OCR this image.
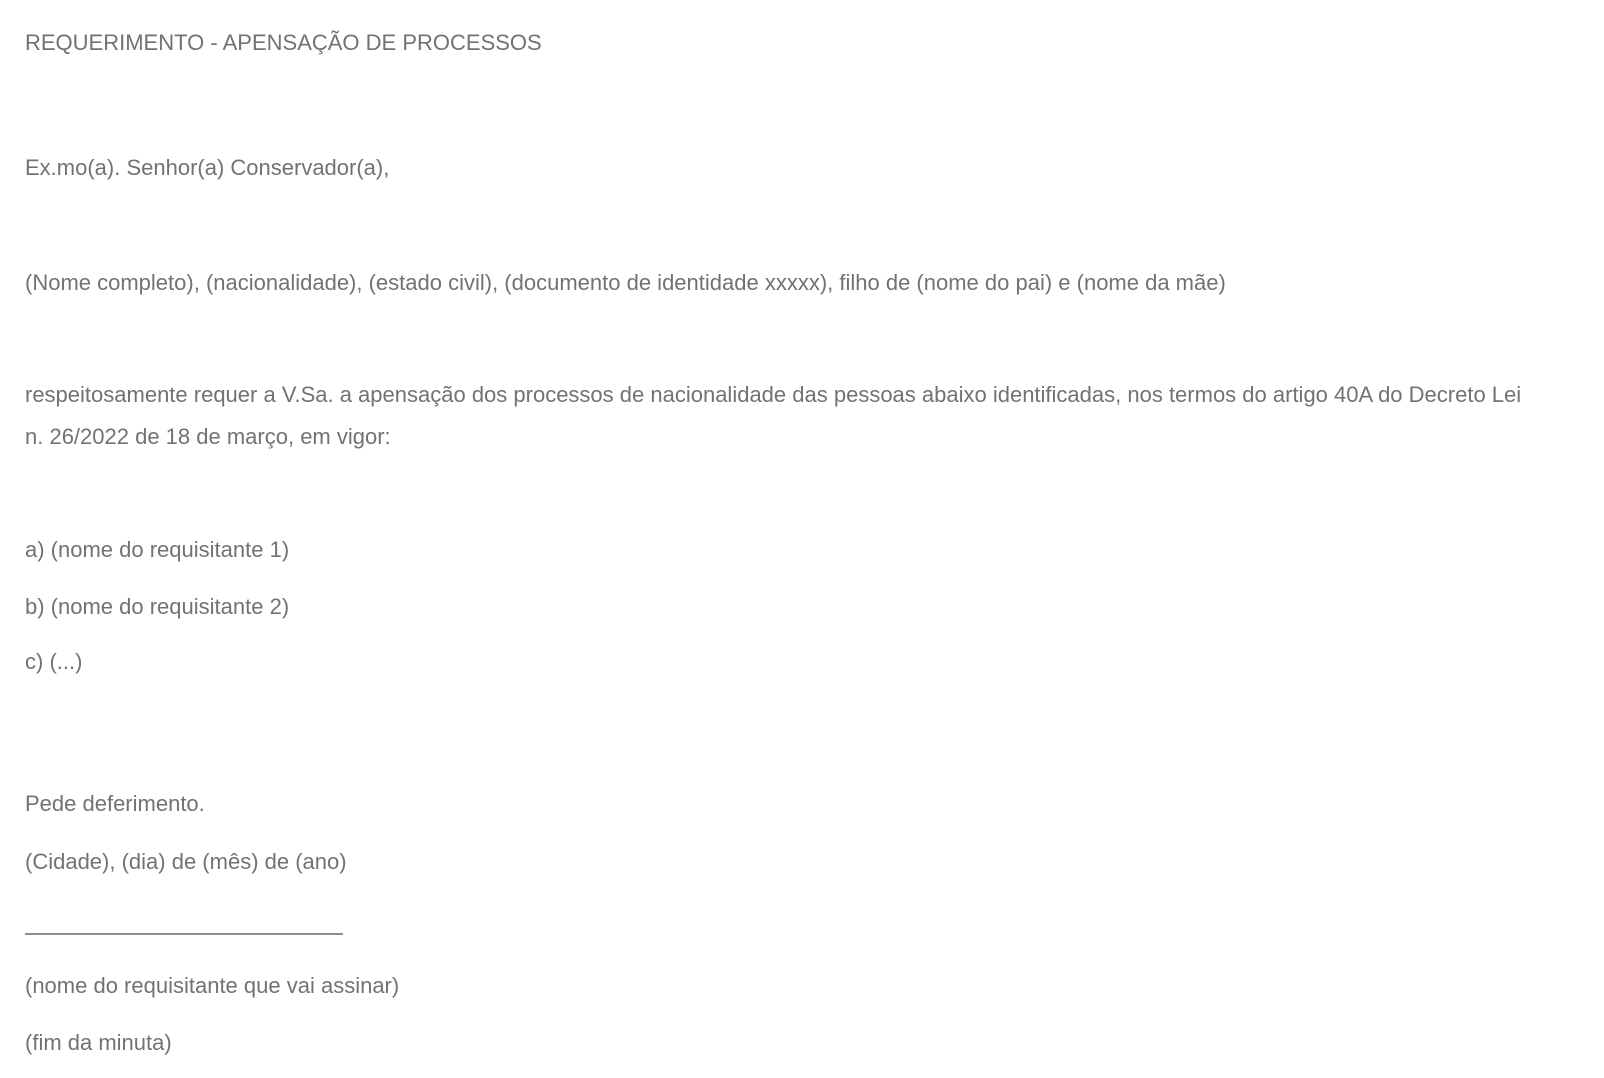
REQUERIMENTO - APENSAÇÃO DE PROCESSOS

Ex.mo(a). Senhor(a) Conservador(a),

(Nome completo), (nacionalidade), (estado civil), (documento de identidade xxxxx), filho de (nome do pai) e (nome da mãe)

respeitosamente requer a V.Sa. a apensação dos processos de nacionalidade das pessoas abaixo identificadas, nos termos do artigo 40A do Decreto Lei n. 26/2022 de 18 de março, em vigor:

a) (nome do requisitante 1)

b) (nome do requisitante 2)

c) (...)

Pede deferimento.

(Cidade), (dia) de (mês) de (ano)

(nome do requisitante que vai assinar)

(fim da minuta)
